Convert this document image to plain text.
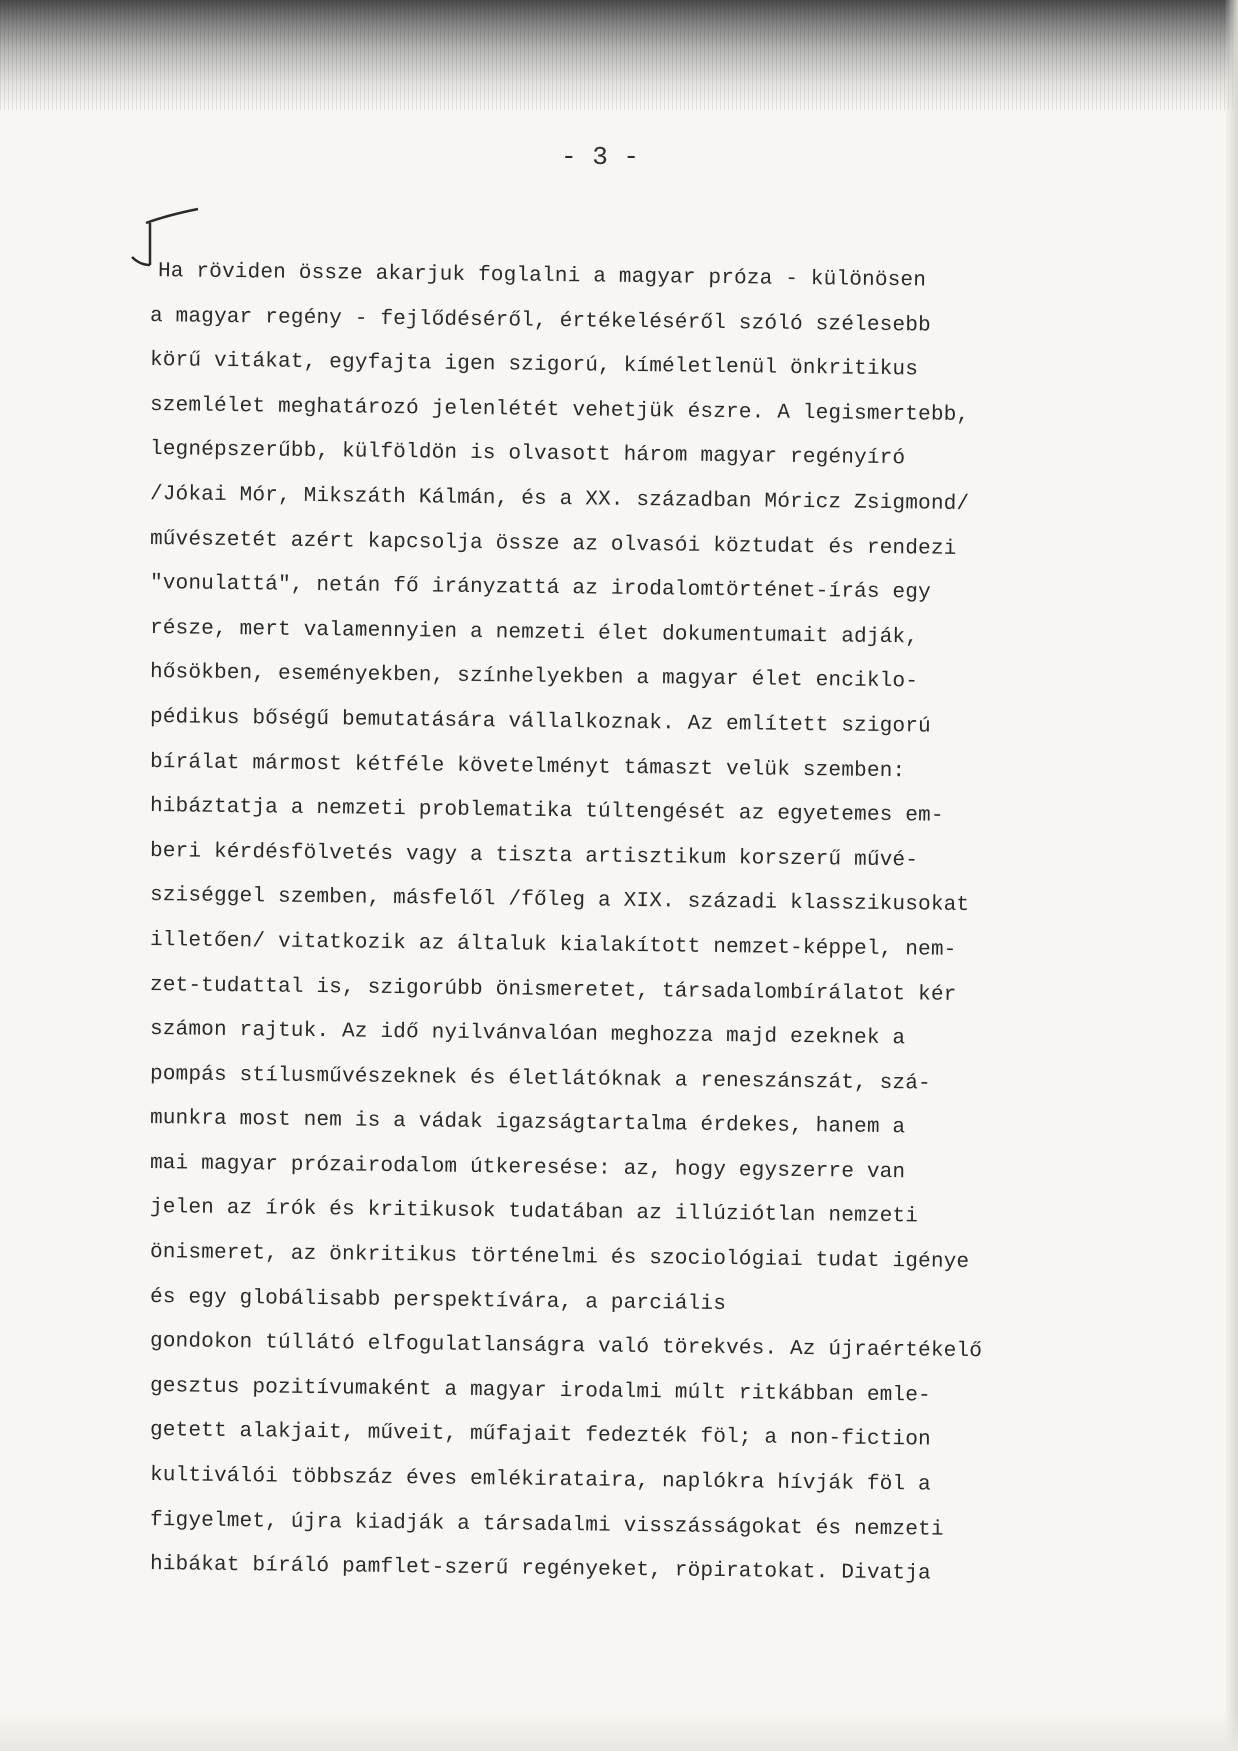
- 3 -
Ha röviden össze akarjuk foglalni a magyar próza - különösen
a magyar regény - fejlődéséről, értékeléséről szóló szélesebb
körű vitákat, egyfajta igen szigorú, kíméletlenül önkritikus
szemlélet meghatározó jelenlétét vehetjük észre. A legismertebb,
legnépszerűbb, külföldön is olvasott három magyar regényíró
/Jókai Mór, Mikszáth Kálmán, és a XX. században Móricz Zsigmond/
művészetét azért kapcsolja össze az olvasói köztudat és rendezi
"vonulattá", netán fő irányzattá az irodalomtörténet-írás egy
része, mert valamennyien a nemzeti élet dokumentumait adják,
hősökben, eseményekben, színhelyekben a magyar élet enciklo-
pédikus bőségű bemutatására vállalkoznak. Az említett szigorú
bírálat mármost kétféle követelményt támaszt velük szemben:
hibáztatja a nemzeti problematika túltengését az egyetemes em-
beri kérdésfölvetés vagy a tiszta artisztikum korszerű művé-
sziséggel szemben, másfelől /főleg a XIX. századi klasszikusokat
illetően/ vitatkozik az általuk kialakított nemzet-képpel, nem-
zet-tudattal is, szigorúbb önismeretet, társadalombírálatot kér
számon rajtuk. Az idő nyilvánvalóan meghozza majd ezeknek a
pompás stílusművészeknek és életlátóknak a reneszánszát, szá-
munkra most nem is a vádak igazságtartalma érdekes, hanem a
mai magyar prózairodalom útkeresése: az, hogy egyszerre van
jelen az írók és kritikusok tudatában az illúziótlan nemzeti
önismeret, az önkritikus történelmi és szociológiai tudat igénye
és egy globálisabb perspektívára, a parciális
gondokon túllátó elfogulatlanságra való törekvés. Az újraértékelő
gesztus pozitívumaként a magyar irodalmi múlt ritkábban emle-
getett alakjait, műveit, műfajait fedezték föl; a non-fiction
kultiválói többszáz éves emlékirataira, naplókra hívják föl a
figyelmet, újra kiadják a társadalmi visszásságokat és nemzeti
hibákat bíráló pamflet-szerű regényeket, röpiratokat. Divatja
